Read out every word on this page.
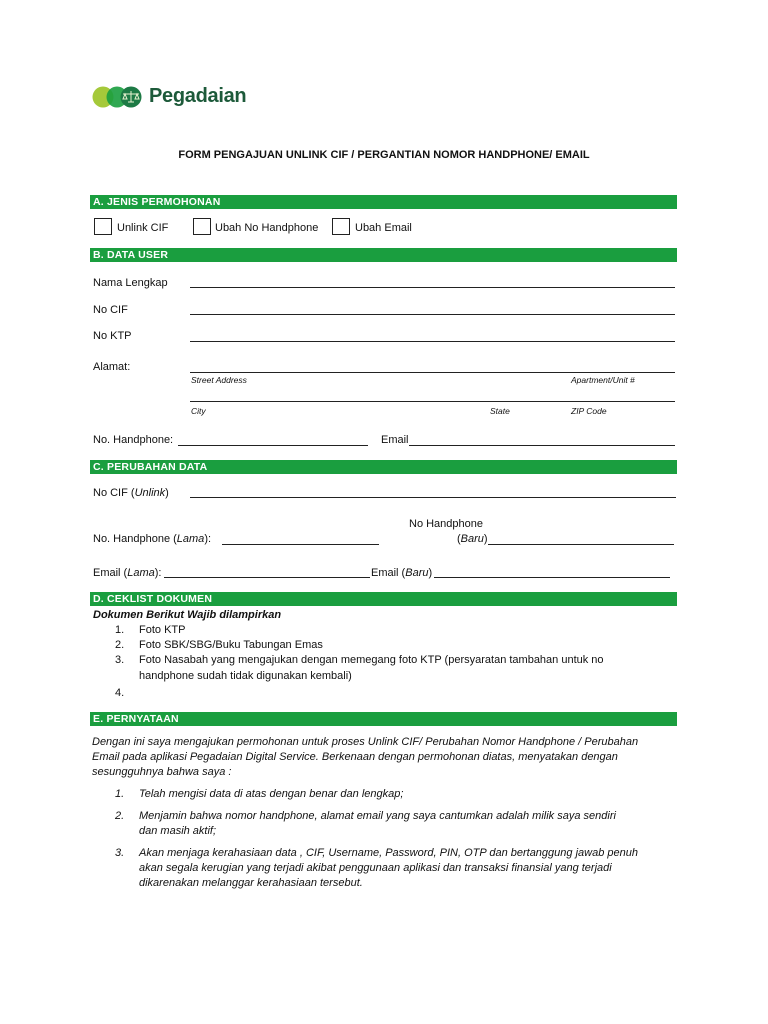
Pegadaian
FORM PENGAJUAN UNLINK CIF / PERGANTIAN NOMOR HANDPHONE/ EMAIL
A. JENIS PERMOHONAN
Unlink CIF	Ubah No Handphone	Ubah Email
B. DATA USER
Nama Lengkap
No CIF
No KTP
Alamat:
Street Address	Apartment/Unit #
City	State	ZIP Code
No. Handphone:	Email
C. PERUBAHAN DATA
No CIF (Unlink)
No Handphone
No. Handphone (Lama):	(Baru)
Email (Lama):	Email (Baru)
D. CEKLIST DOKUMEN
Dokumen Berikut Wajib dilampirkan
1. Foto KTP
2. Foto SBK/SBG/Buku Tabungan Emas
3. Foto Nasabah yang mengajukan dengan memegang foto KTP (persyaratan tambahan untuk no
handphone sudah tidak digunakan kembali)
4.
E. PERNYATAAN
Dengan ini saya mengajukan permohonan untuk proses Unlink CIF/ Perubahan Nomor Handphone / Perubahan
Email pada aplikasi Pegadaian Digital Service. Berkenaan dengan permohonan diatas, menyatakan dengan
sesungguhnya bahwa saya :
1. Telah mengisi data di atas dengan benar dan lengkap;
2. Menjamin bahwa nomor handphone, alamat email yang saya cantumkan adalah milik saya sendiri
dan masih aktif;
3. Akan menjaga kerahasiaan data , CIF, Username, Password, PIN, OTP dan bertanggung jawab penuh
akan segala kerugian yang terjadi akibat penggunaan aplikasi dan transaksi finansial yang terjadi
dikarenakan melanggar kerahasiaan tersebut.
